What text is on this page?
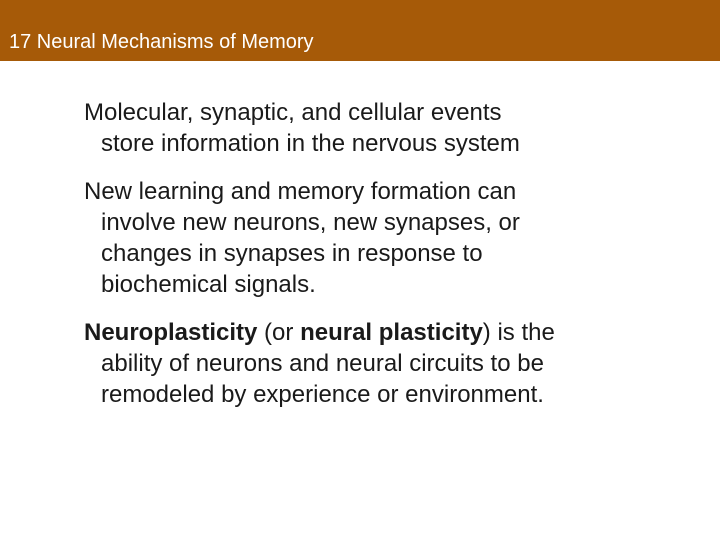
17 Neural Mechanisms of Memory

Molecular, synaptic, and cellular events
store information in the nervous system

New learning and memory formation can
involve new neurons, new synapses, or
changes in synapses in response to
biochemical signals.

Neuroplasticity (or neural plasticity) is the
ability of neurons and neural circuits to be
remodeled by experience or environment.
